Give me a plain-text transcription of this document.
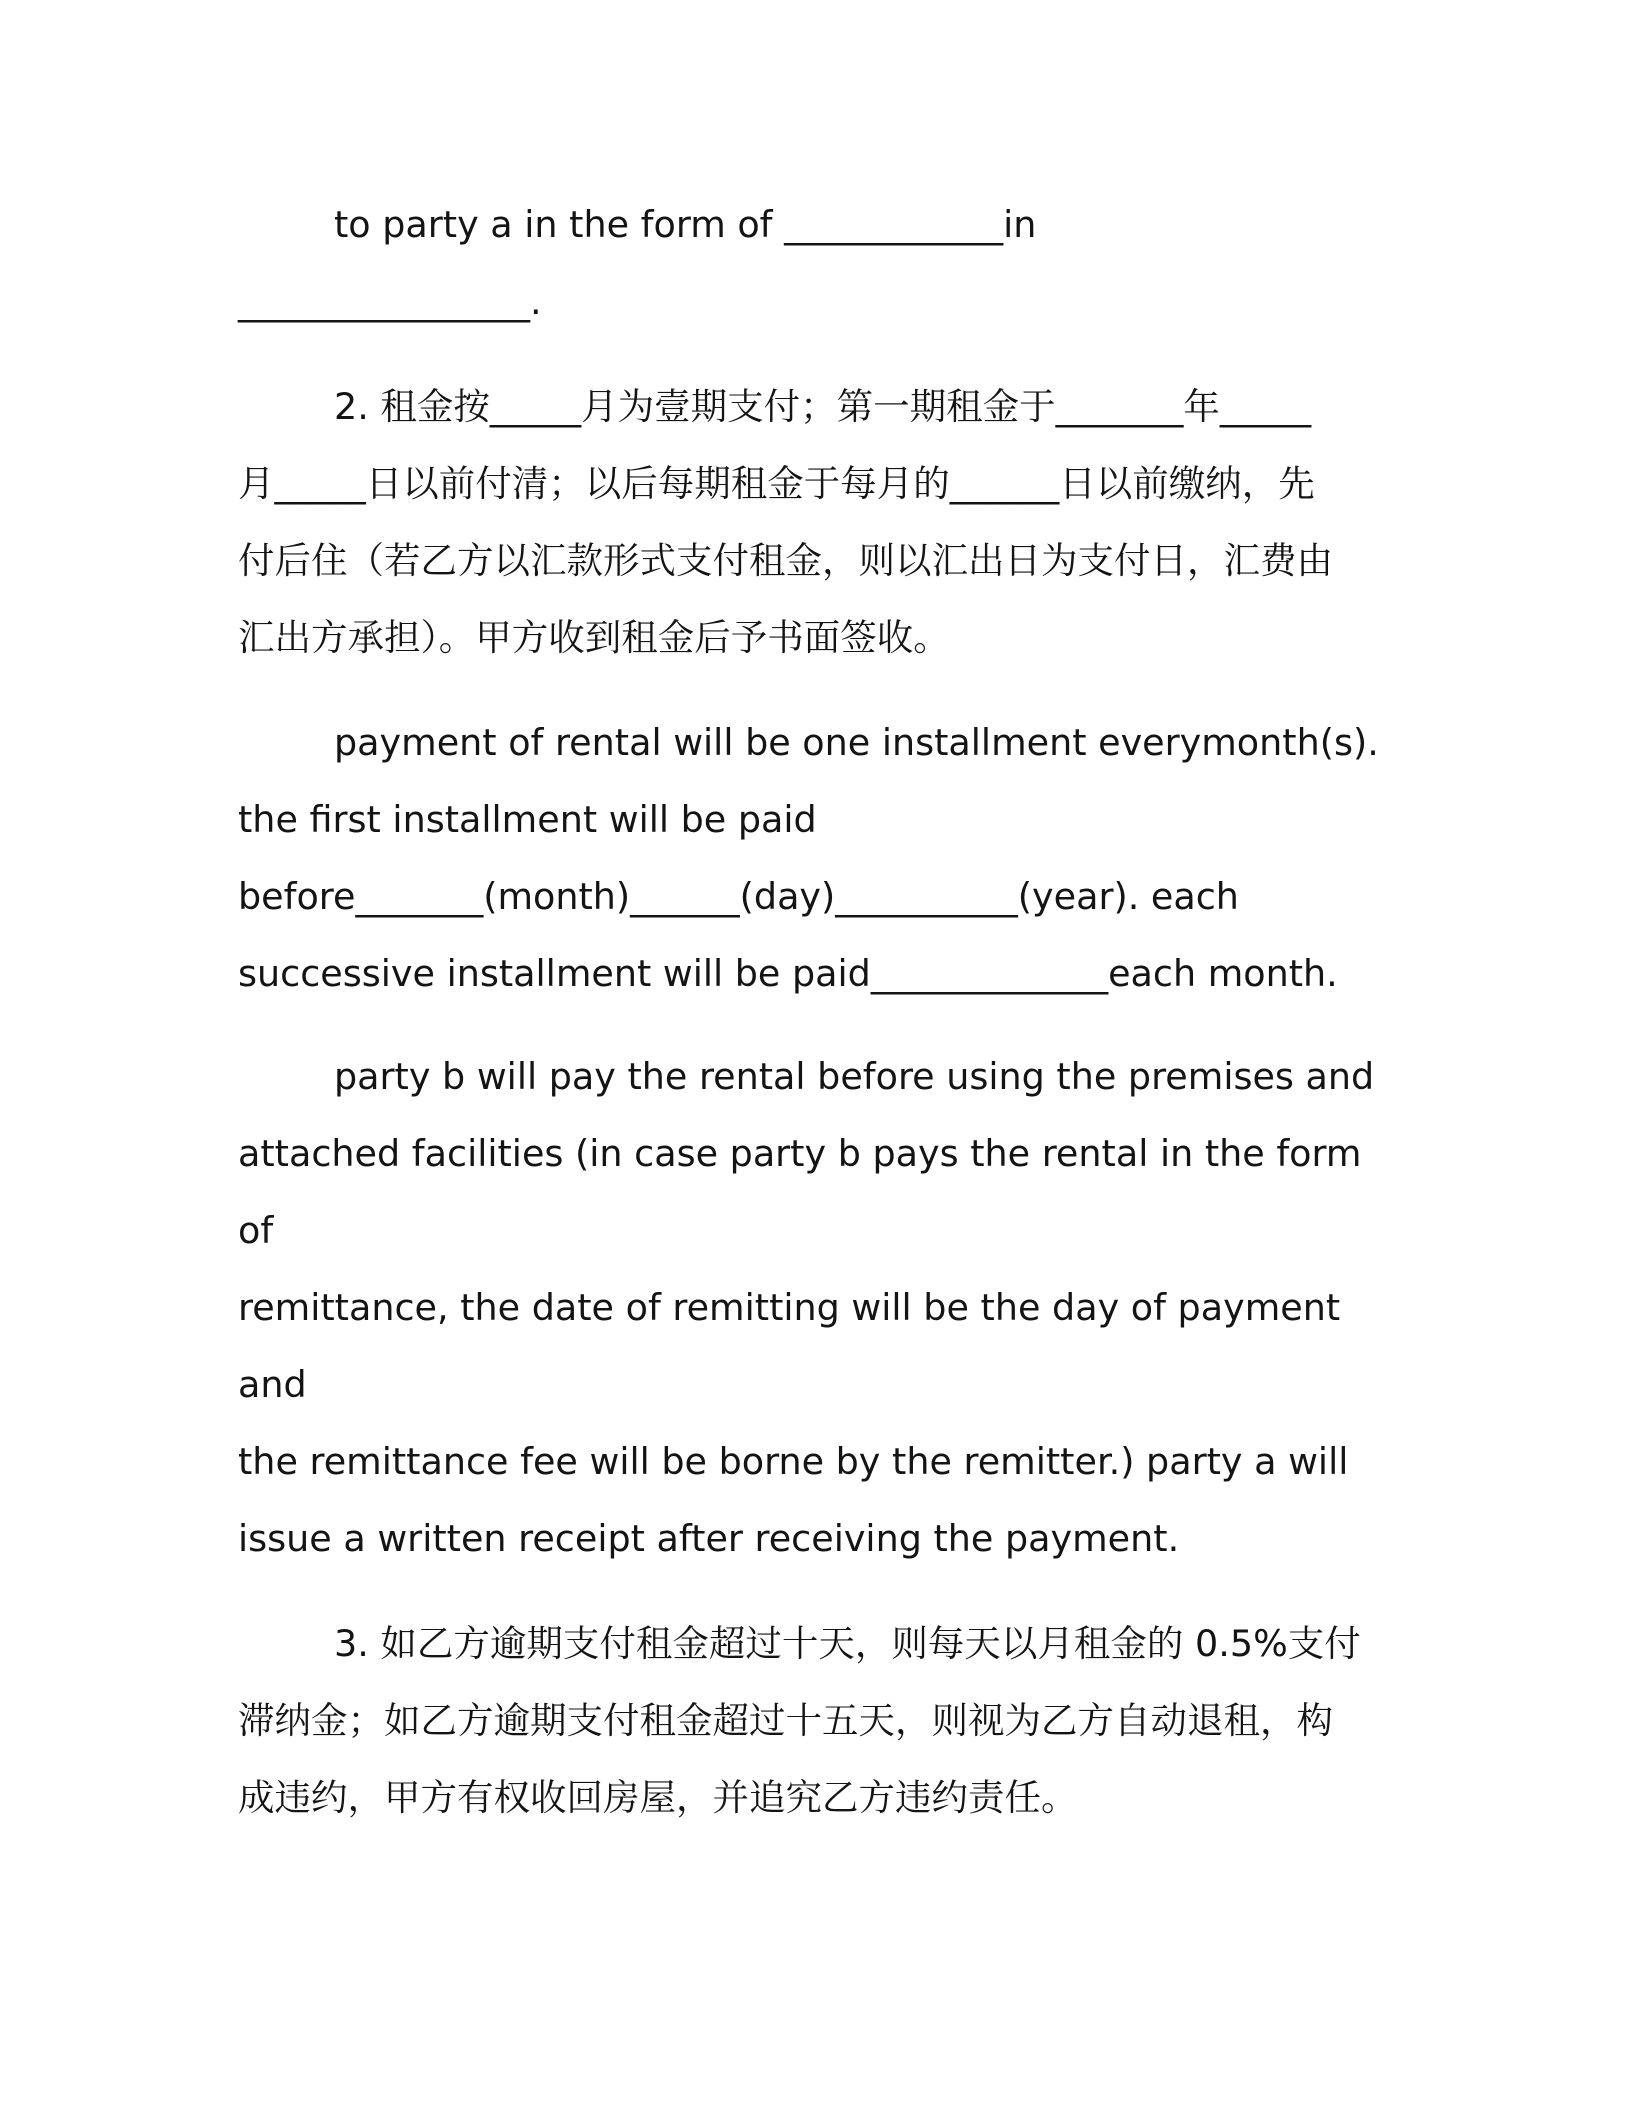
to party a in the form of ____________in
________________.

2. 租金按_____月为壹期支付；第一期租金于_______年_____
月_____日以前付清；以后每期租金于每月的______日以前缴纳，先
付后住（若乙方以汇款形式支付租金，则以汇出日为支付日，汇费由
汇出方承担）。甲方收到租金后予书面签收。

payment of rental will be one installment everymonth(s).
the first installment will be paid
before_______(month)______(day)__________(year). each
successive installment will be paid_____________each month.

party b will pay the rental before using the premises and
attached facilities (in case party b pays the rental in the form of
remittance, the date of remitting will be the day of payment and
the remittance fee will be borne by the remitter.) party a will
issue a written receipt after receiving the payment.

3. 如乙方逾期支付租金超过十天，则每天以月租金的 0.5%支付
滞纳金；如乙方逾期支付租金超过十五天，则视为乙方自动退租，构
成违约，甲方有权收回房屋，并追究乙方违约责任。
